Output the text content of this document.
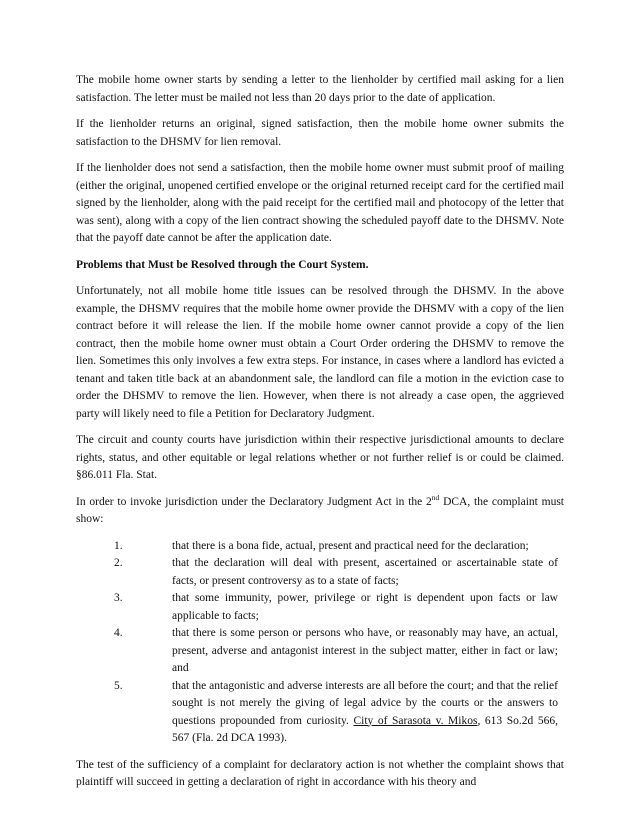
The mobile home owner starts by sending a letter to the lienholder by certified mail asking for a lien satisfaction. The letter must be mailed not less than 20 days prior to the date of application.

If the lienholder returns an original, signed satisfaction, then the mobile home owner submits the satisfaction to the DHSMV for lien removal.

If the lienholder does not send a satisfaction, then the mobile home owner must submit proof of mailing (either the original, unopened certified envelope or the original returned receipt card for the certified mail signed by the lienholder, along with the paid receipt for the certified mail and photocopy of the letter that was sent), along with a copy of the lien contract showing the scheduled payoff date to the DHSMV. Note that the payoff date cannot be after the application date.

Problems that Must be Resolved through the Court System.

Unfortunately, not all mobile home title issues can be resolved through the DHSMV. In the above example, the DHSMV requires that the mobile home owner provide the DHSMV with a copy of the lien contract before it will release the lien. If the mobile home owner cannot provide a copy of the lien contract, then the mobile home owner must obtain a Court Order ordering the DHSMV to remove the lien. Sometimes this only involves a few extra steps. For instance, in cases where a landlord has evicted a tenant and taken title back at an abandonment sale, the landlord can file a motion in the eviction case to order the DHSMV to remove the lien. However, when there is not already a case open, the aggrieved party will likely need to file a Petition for Declaratory Judgment.

The circuit and county courts have jurisdiction within their respective jurisdictional amounts to declare rights, status, and other equitable or legal relations whether or not further relief is or could be claimed. §86.011 Fla. Stat.

In order to invoke jurisdiction under the Declaratory Judgment Act in the 2nd DCA, the complaint must show:

1.	that there is a bona fide, actual, present and practical need for the declaration;
2.	that the declaration will deal with present, ascertained or ascertainable state of facts, or present controversy as to a state of facts;
3.	that some immunity, power, privilege or right is dependent upon facts or law applicable to facts;
4.	that there is some person or persons who have, or reasonably may have, an actual, present, adverse and antagonist interest in the subject matter, either in fact or law; and
5.	that the antagonistic and adverse interests are all before the court; and that the relief sought is not merely the giving of legal advice by the courts or the answers to questions propounded from curiosity. City of Sarasota v. Mikos, 613 So.2d 566, 567 (Fla. 2d DCA 1993).

The test of the sufficiency of a complaint for declaratory action is not whether the complaint shows that plaintiff will succeed in getting a declaration of right in accordance with his theory and
